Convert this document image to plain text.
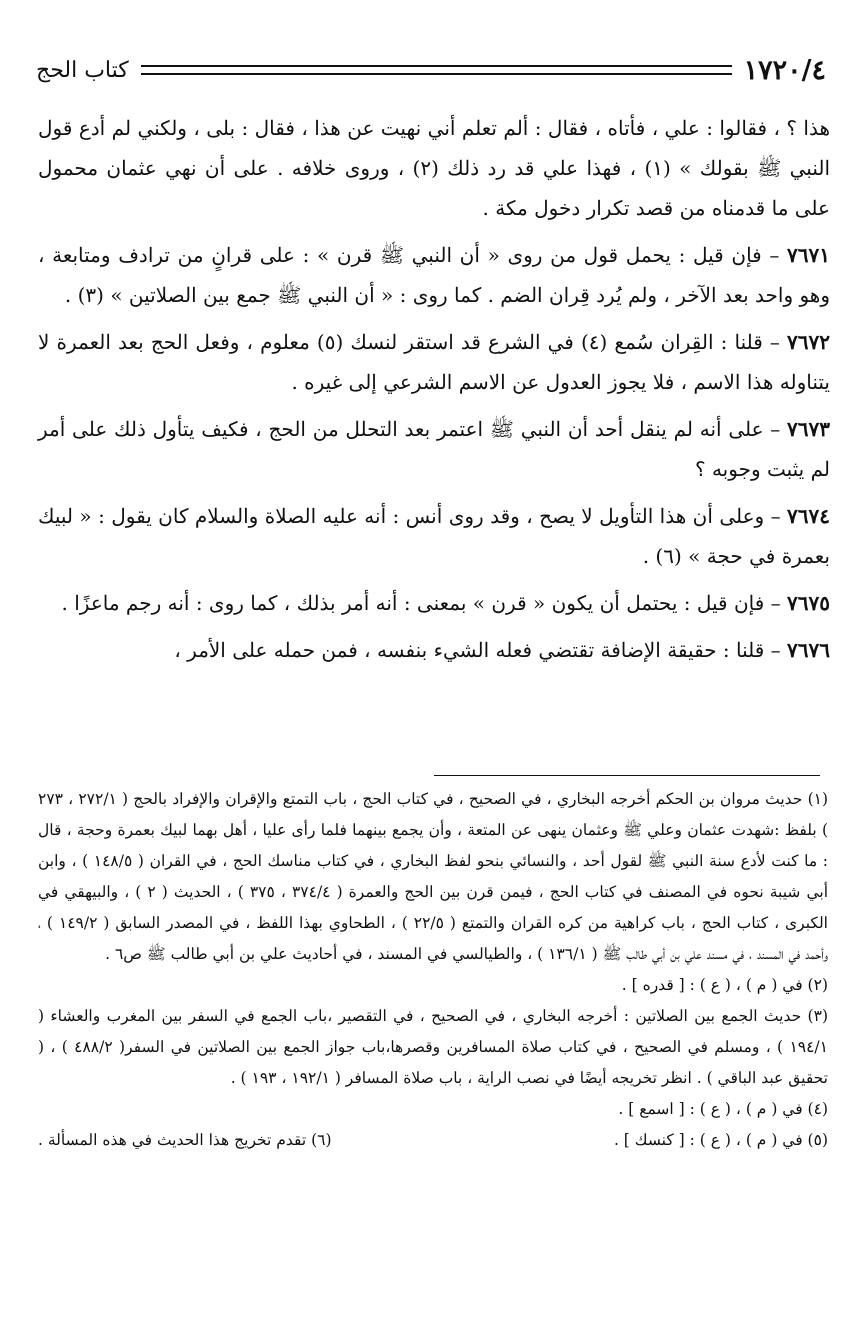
١٧٢٠/٤
كتاب الحج

هذا ؟ ، فقالوا : علي ، فأتاه ، فقال : ألم تعلم أني نهيت عن هذا ، فقال : بلى ، ولكني لم أدع قول النبي ﷺ بقولك » (١) ، فهذا علي قد رد ذلك (٢) ، وروى خلافه . على أن نهي عثمان محمول على ما قدمناه من قصد تكرار دخول مكة .

٧٦٧١ – فإن قيل : يحمل قول من روى « أن النبي ﷺ قرن » : على قرانٍ من ترادف ومتابعة ، وهو واحد بعد الآخر ، ولم يُرد قِران الضم . كما روى : « أن النبي ﷺ جمع بين الصلاتين » (٣) .

٧٦٧٢ – قلنا : القِران سُمع (٤) في الشرع قد استقر لنسك (٥) معلوم ، وفعل الحج بعد العمرة لا يتناوله هذا الاسم ، فلا يجوز العدول عن الاسم الشرعي إلى غيره .

٧٦٧٣ – على أنه لم ينقل أحد أن النبي ﷺ اعتمر بعد التحلل من الحج ، فكيف يتأول ذلك على أمر لم يثبت وجوبه ؟

٧٦٧٤ – وعلى أن هذا التأويل لا يصح ، وقد روى أنس : أنه عليه الصلاة والسلام كان يقول : « لبيك بعمرة في حجة » (٦) .

٧٦٧٥ – فإن قيل : يحتمل أن يكون « قرن » بمعنى : أنه أمر بذلك ، كما روى : أنه رجم ماعزًا .

٧٦٧٦ – قلنا : حقيقة الإضافة تقتضي فعله الشيء بنفسه ، فمن حمله على الأمر ،

(١) حديث مروان بن الحكم أخرجه البخاري ، في الصحيح ، في كتاب الحج ، باب التمتع والإقران والإفراد بالحج ( ٢٧٢/١ ، ٢٧٣ ) بلفظ :شهدت عثمان وعلي ﷺ وعثمان ينهى عن المتعة ، وأن يجمع بينهما فلما رأى عليا ، أهل بهما لبيك بعمرة وحجة ، قال : ما كنت لأدع سنة النبي ﷺ لقول أحد ، والنسائي بنحو لفظ البخاري ، في كتاب مناسك الحج ، في القران ( ١٤٨/٥ ) ، وابن أبي شيبة نحوه في المصنف في كتاب الحج ، فيمن قرن بين الحج والعمرة ( ٣٧٤/٤ ، ٣٧٥ ) ، الحديث ( ٢ ) ، والبيهقي في الكبرى ، كتاب الحج ، باب كراهية من كره القران والتمتع ( ٢٢/٥ ) ، الطحاوي بهذا اللفظ ، في المصدر السابق ( ١٤٩/٢ ) ، وأحمد في المسند ، في مسند علي بن أبي طالب ﷺ ( ١٣٦/١ ) ، والطيالسي في المسند ، في أحاديث علي بن أبي طالب ﷺ ص٦ .

(٢) في ( م ) ، ( ع ) : [ قدره ] .

(٣) حديث الجمع بين الصلاتين : أخرجه البخاري ، في الصحيح ، في التقصير ،باب الجمع في السفر بين المغرب والعشاء ( ١٩٤/١ ) ، ومسلم في الصحيح ، في كتاب صلاة المسافرين وقصرها،باب جواز الجمع بين الصلاتين في السفر( ٤٨٨/٢ ) ، ( تحقيق عبد الباقي ) . انظر تخريجه أيضًا في نصب الراية ، باب صلاة المسافر ( ١٩٢/١ ، ١٩٣ ) .

(٤) في ( م ) ، ( ع ) : [ اسمع ] .
(٥) في ( م ) ، ( ع ) : [ كنسك ] .
(٦) تقدم تخريج هذا الحديث في هذه المسألة .
